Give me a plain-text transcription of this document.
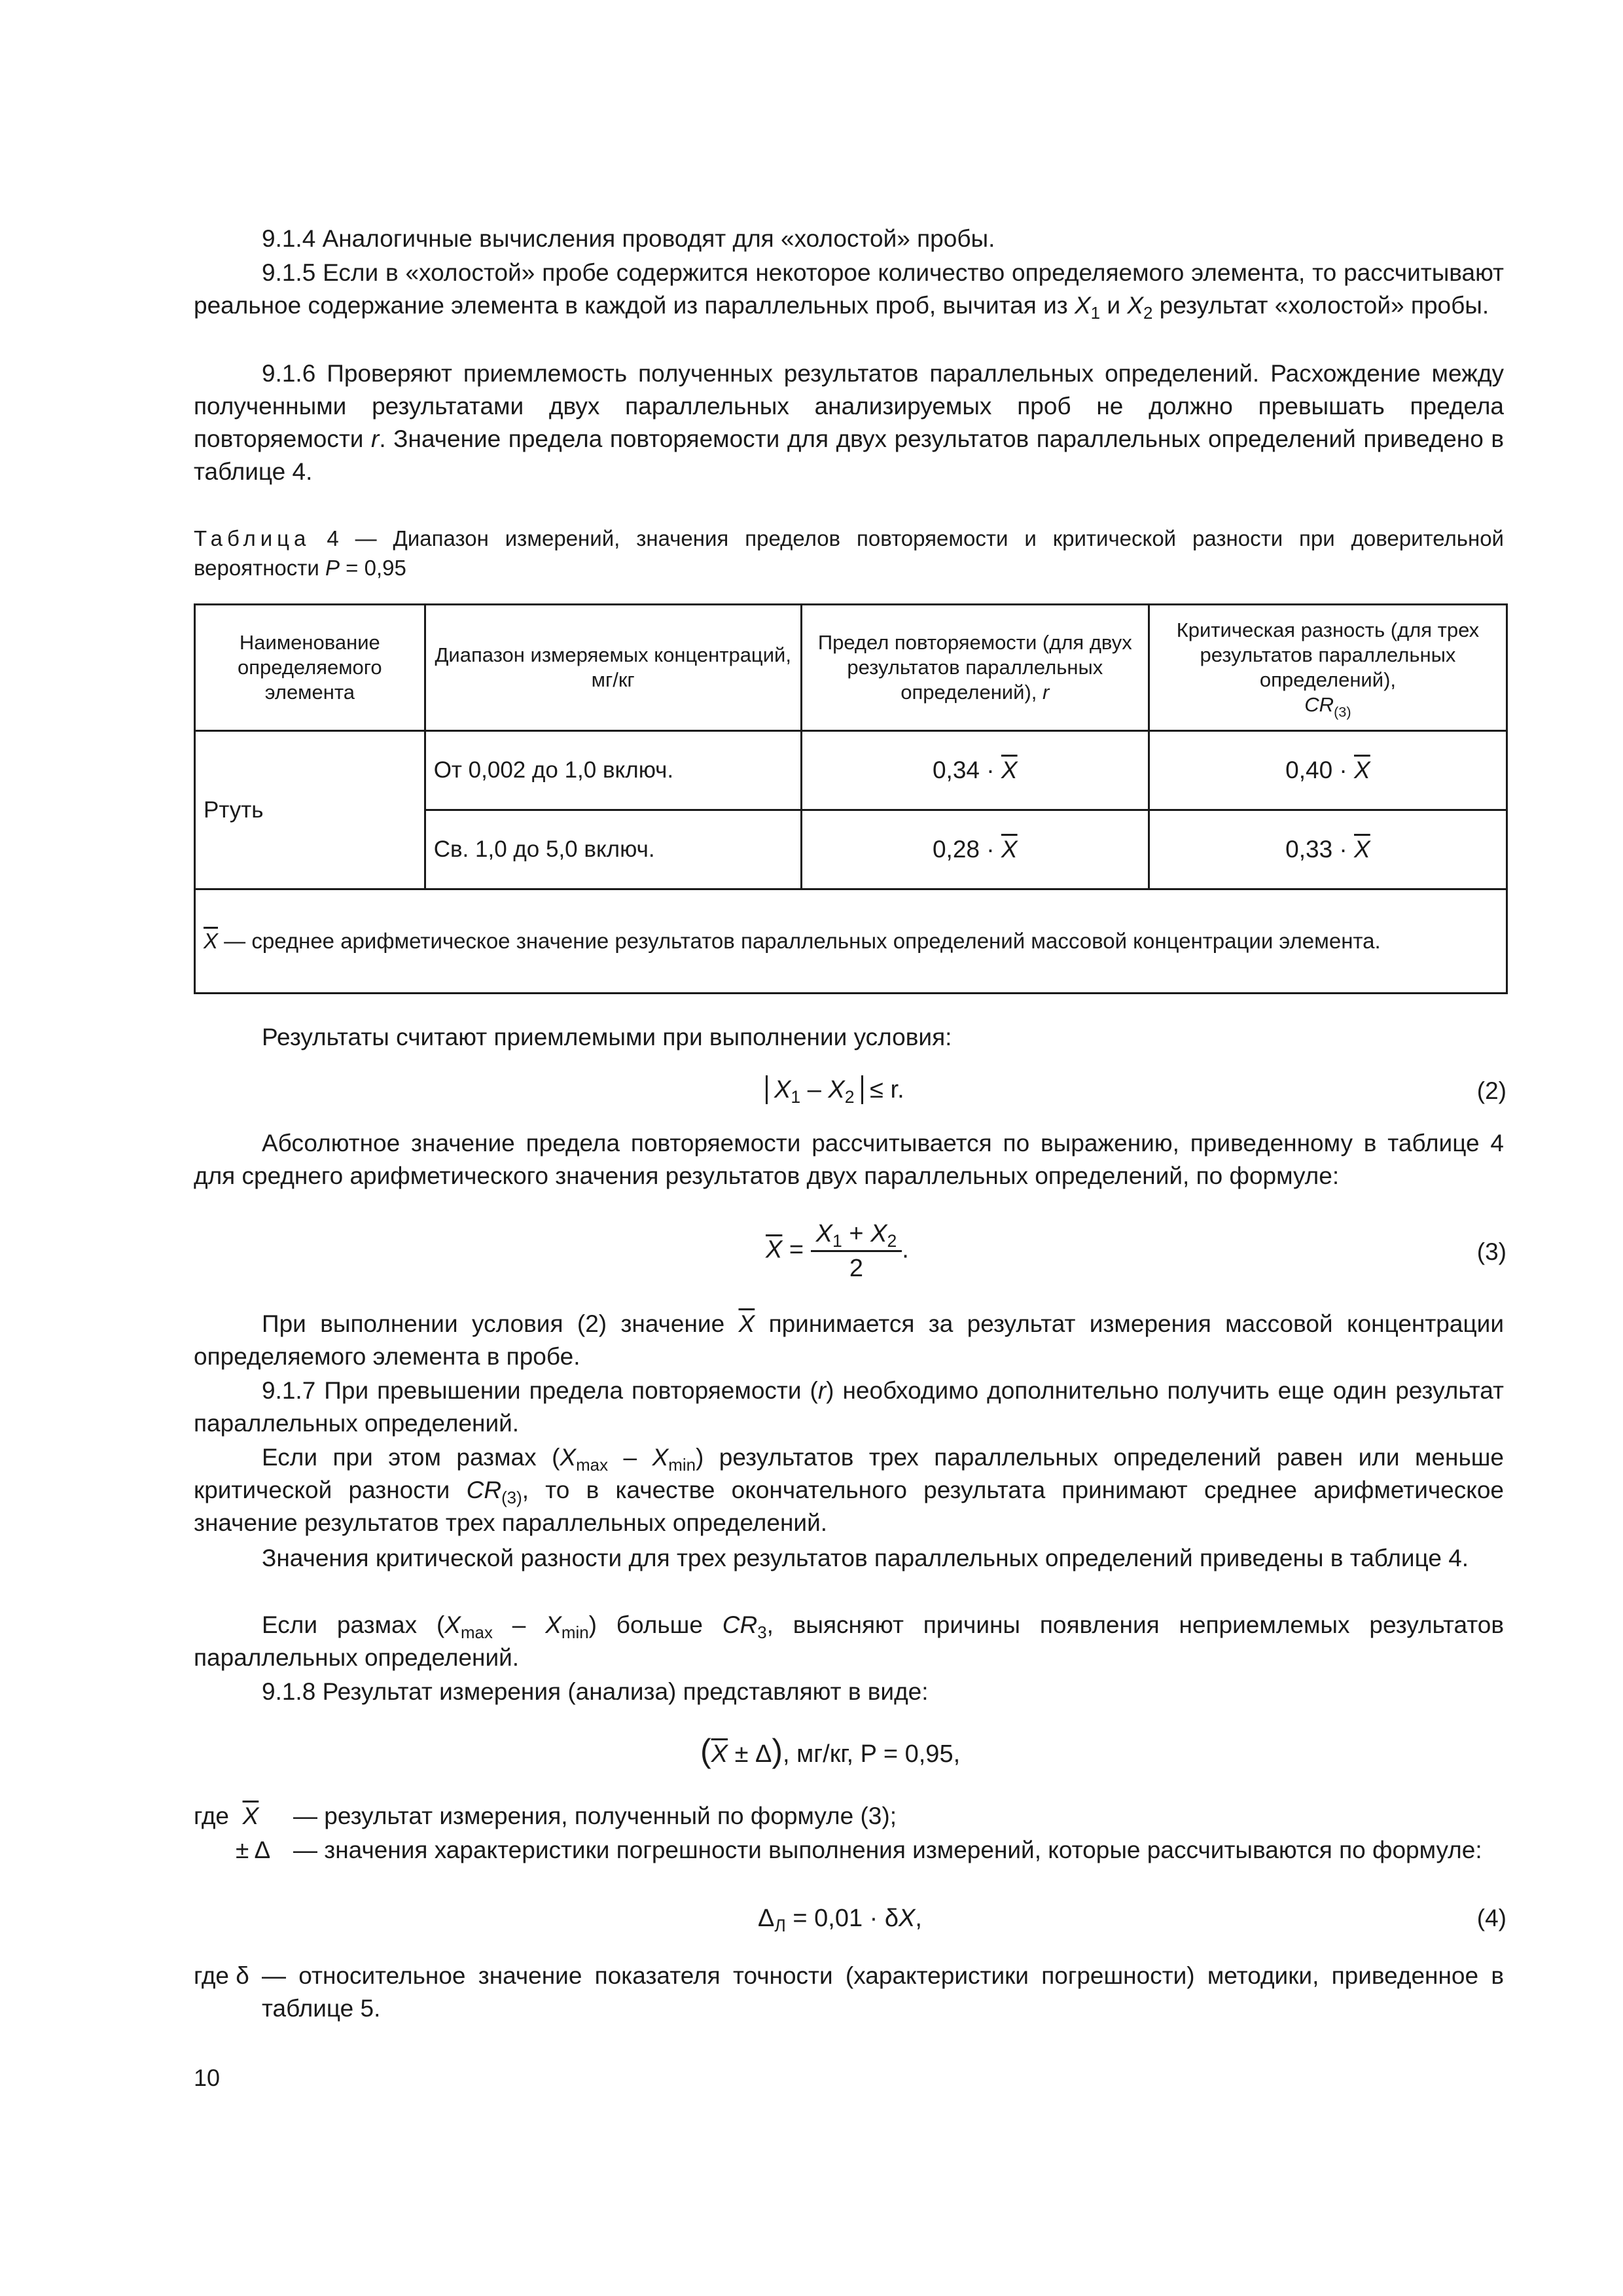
9.1.4 Аналогичные вычисления проводят для «холостой» пробы.
9.1.5 Если в «холостой» пробе содержится некоторое количество определяемого элемента, то рассчитывают реальное содержание элемента в каждой из параллельных проб, вычитая из $X_1$ и $X_2$ результат «холостой» пробы.
9.1.6 Проверяют приемлемость полученных результатов параллельных определений. Расхождение между полученными результатами двух параллельных анализируемых проб не должно превышать предела повторяемости r. Значение предела повторяемости для двух результатов параллельных определений приведено в таблице 4.
Таблица 4 — Диапазон измерений, значения пределов повторяемости и критической разности при доверительной вероятности P = 0,95
Наименование определяемого элемента	Диапазон измеряемых концентраций, мг/кг	Предел повторяемости (для двух результатов параллельных определений), r	Критическая разность (для трех результатов параллельных определений),
$CR_{(3)}$
Ртуть	От 0,002 до 1,0 включ.	$0,34 \cdot \overline{X}$	$0,40 \cdot \overline{X}$
	Св. 1,0 до 5,0 включ.	$0,28 \cdot \overline{X}$	$0,33 \cdot \overline{X}$
$\overline{X}$ — среднее арифметическое значение результатов параллельных определений массовой концентрации элемента.			
Результаты считают приемлемыми при выполнении условия:
$X_1 - X_2 \le r$.	(2)
Абсолютное значение предела повторяемости рассчитывается по выражению, приведенному в таблице 4 для среднего арифметического значения результатов двух параллельных определений, по формуле:
$\overline{X} = \frac{X_1 + X_2}{2}$ .	(3)
При выполнении условия (2) значение $\overline{X}$ принимается за результат измерения массовой концентрации определяемого элемента в пробе.
9.1.7 При превышении предела повторяемости (r) необходимо дополнительно получить еще один результат параллельных определений.
Если при этом размах $(X_{max} - X_{min})$ результатов трех параллельных определений равен или меньше критической разности $CR_{(3)}$, то в качестве окончательного результата принимают среднее арифметическое значение результатов трех параллельных определений.
Значения критической разности для трех результатов параллельных определений приведены в таблице 4.
Если размах $(X_{max} - X_{min})$ больше $CR_3$, выясняют причины появления неприемлемых результатов параллельных определений.
9.1.8 Результат измерения (анализа) представляют в виде:
$(\overline{X} \pm \Delta)$, мг/кг, P = 0,95,
где $\overline{X}$ — результат измерения, полученный по формуле (3);
± Δ — значения характеристики погрешности выполнения измерений, которые рассчитываются по формуле:
$\Delta_Л = 0,01 \cdot \delta X$,	(4)
где δ — относительное значение показателя точности (характеристики погрешности) методики, приведенное в таблице 5.
10
